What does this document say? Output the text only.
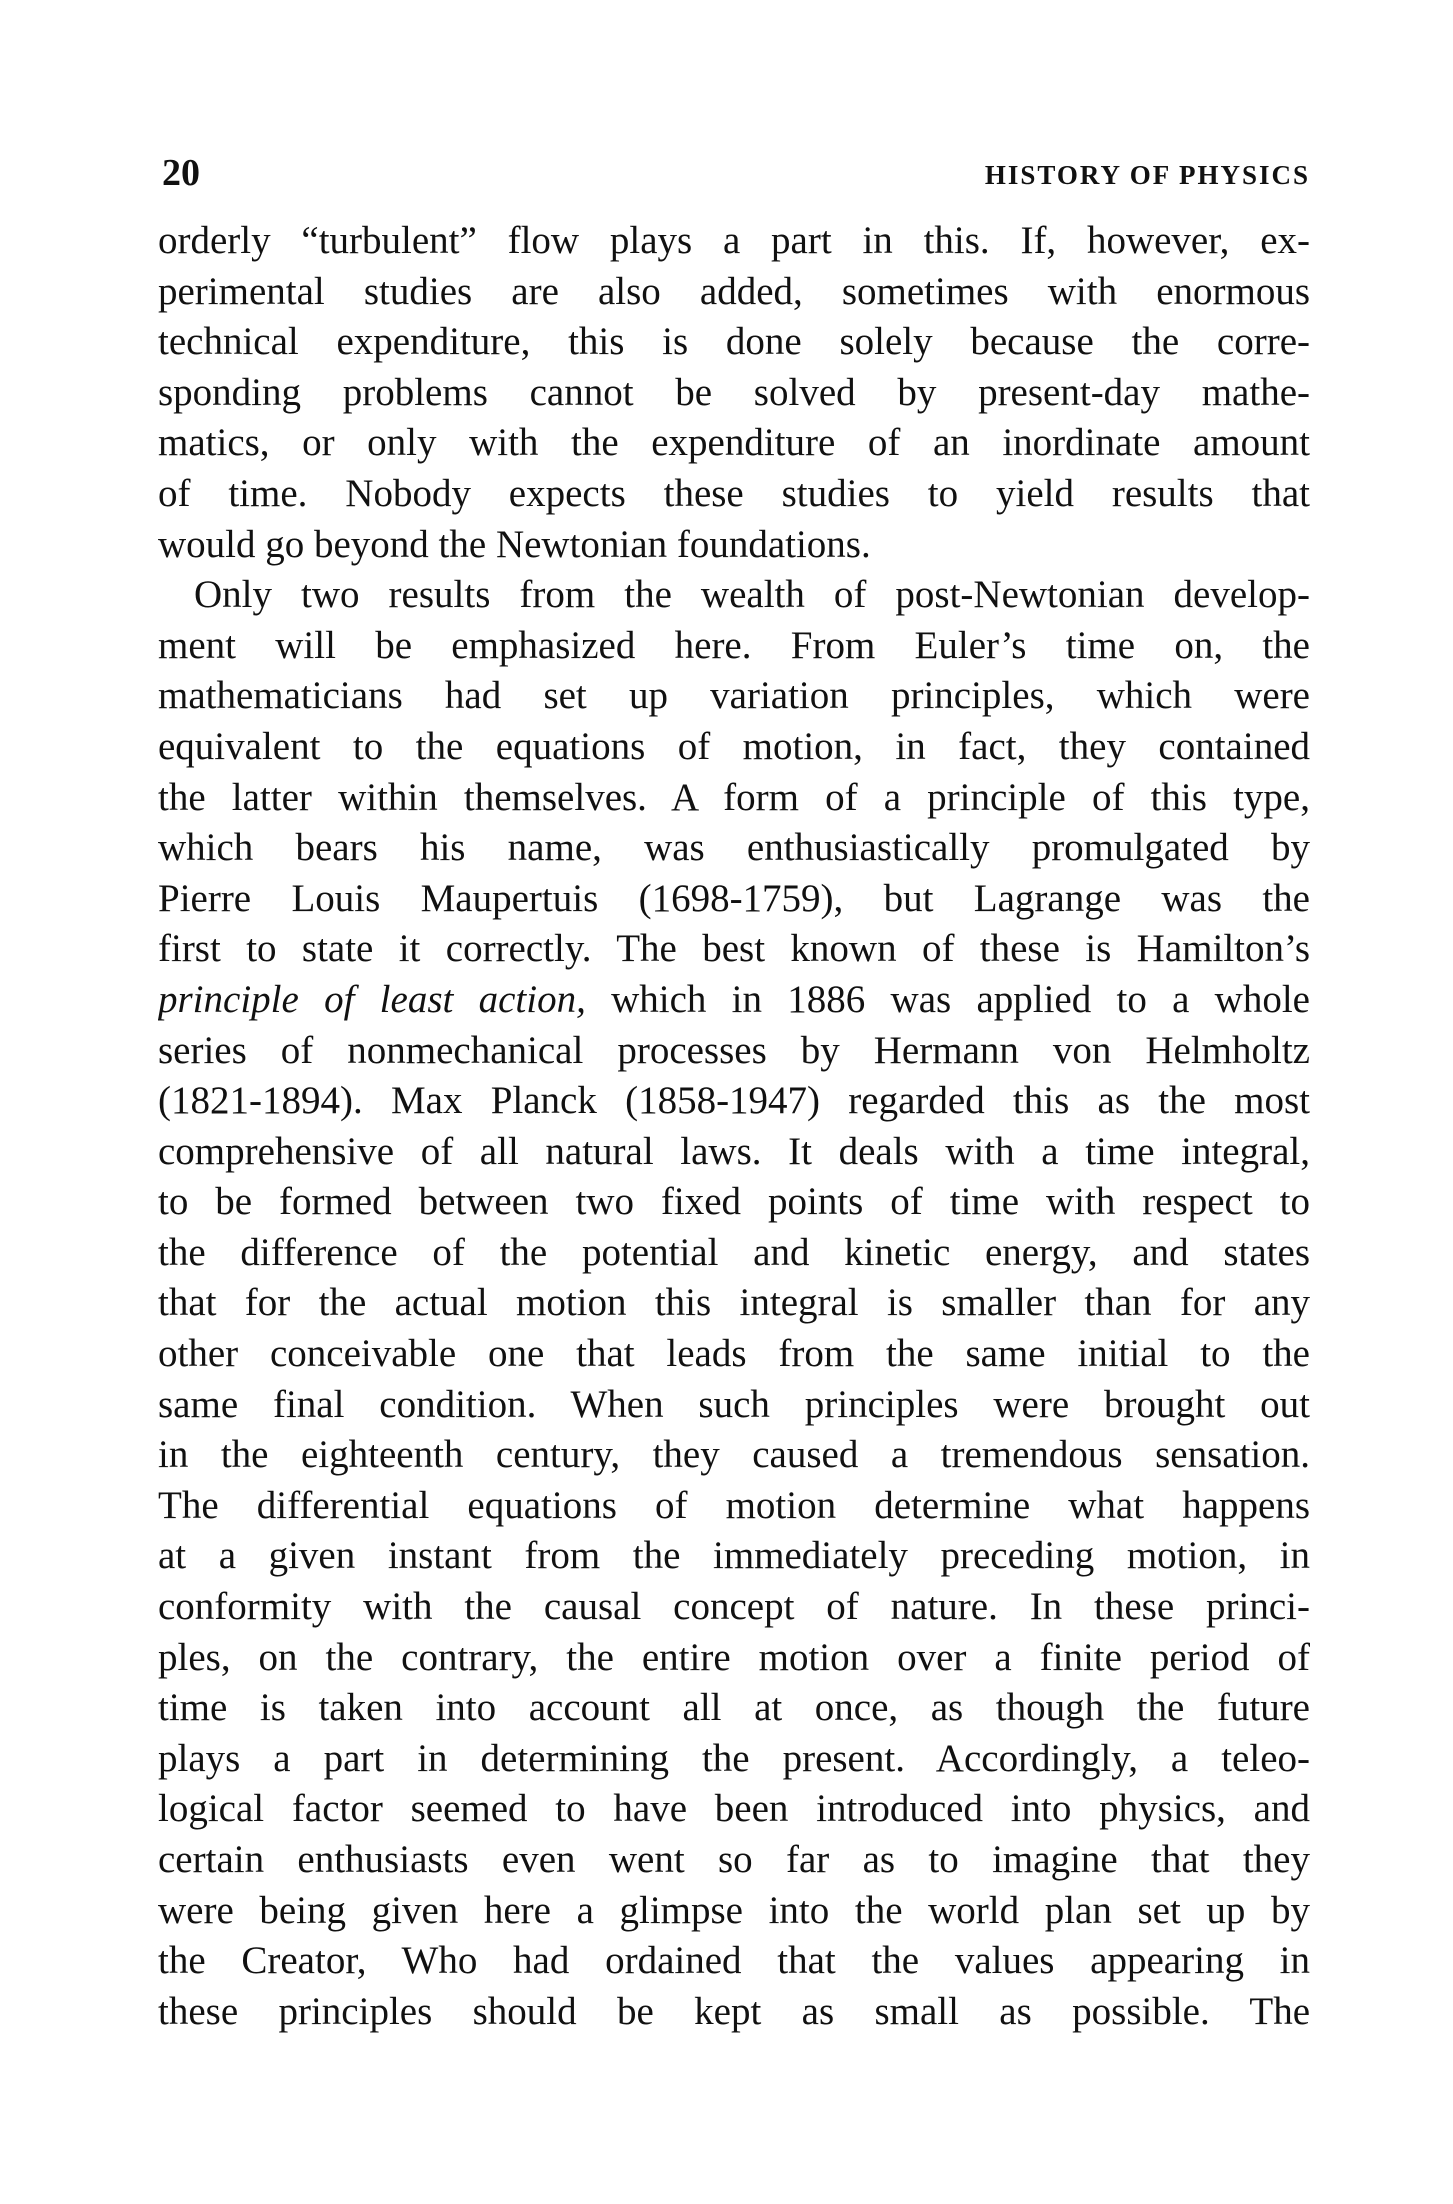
20	HISTORY OF PHYSICS
orderly “turbulent” flow plays a part in this. If, however, ex-
perimental studies are also added, sometimes with enormous
technical expenditure, this is done solely because the corre-
sponding problems cannot be solved by present-day mathe-
matics, or only with the expenditure of an inordinate amount
of time. Nobody expects these studies to yield results that
would go beyond the Newtonian foundations.
Only two results from the wealth of post-Newtonian develop-
ment will be emphasized here. From Euler’s time on, the
mathematicians had set up variation principles, which were
equivalent to the equations of motion, in fact, they contained
the latter within themselves. A form of a principle of this type,
which bears his name, was enthusiastically promulgated by
Pierre Louis Maupertuis (1698-1759), but Lagrange was the
first to state it correctly. The best known of these is Hamilton’s
principle of least action, which in 1886 was applied to a whole
series of nonmechanical processes by Hermann von Helmholtz
(1821-1894). Max Planck (1858-1947) regarded this as the most
comprehensive of all natural laws. It deals with a time integral,
to be formed between two fixed points of time with respect to
the difference of the potential and kinetic energy, and states
that for the actual motion this integral is smaller than for any
other conceivable one that leads from the same initial to the
same final condition. When such principles were brought out
in the eighteenth century, they caused a tremendous sensation.
The differential equations of motion determine what happens
at a given instant from the immediately preceding motion, in
conformity with the causal concept of nature. In these princi-
ples, on the contrary, the entire motion over a finite period of
time is taken into account all at once, as though the future
plays a part in determining the present. Accordingly, a teleo-
logical factor seemed to have been introduced into physics, and
certain enthusiasts even went so far as to imagine that they
were being given here a glimpse into the world plan set up by
the Creator, Who had ordained that the values appearing in
these principles should be kept as small as possible. The
